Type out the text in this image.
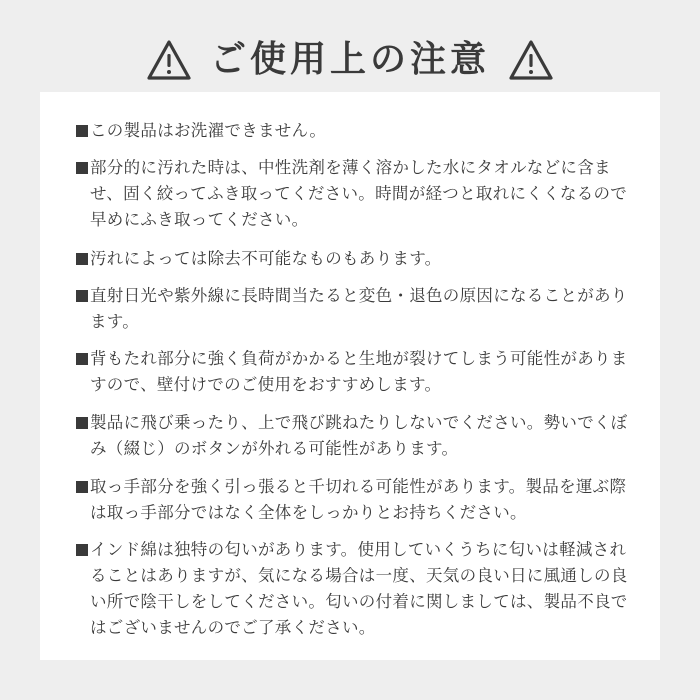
ご使用上の注意
この製品はお洗濯できません。
部分的に汚れた時は、中性洗剤を薄く溶かした水にタオルなどに含ませ、固く絞ってふき取ってください。時間が経つと取れにくくなるので早めにふき取ってください。
汚れによっては除去不可能なものもあります。
直射日光や紫外線に長時間当たると変色・退色の原因になることがあります。
背もたれ部分に強く負荷がかかると生地が裂けてしまう可能性がありますので、壁付けでのご使用をおすすめします。
製品に飛び乗ったり、上で飛び跳ねたりしないでください。勢いでくぼみ（綴じ）のボタンが外れる可能性があります。
取っ手部分を強く引っ張ると千切れる可能性があります。製品を運ぶ際は取っ手部分ではなく全体をしっかりとお持ちください。
インド綿は独特の匂いがあります。使用していくうちに匂いは軽減されることはありますが、気になる場合は一度、天気の良い日に風通しの良い所で陰干しをしてください。匂いの付着に関しましては、製品不良ではございませんのでご了承ください。
